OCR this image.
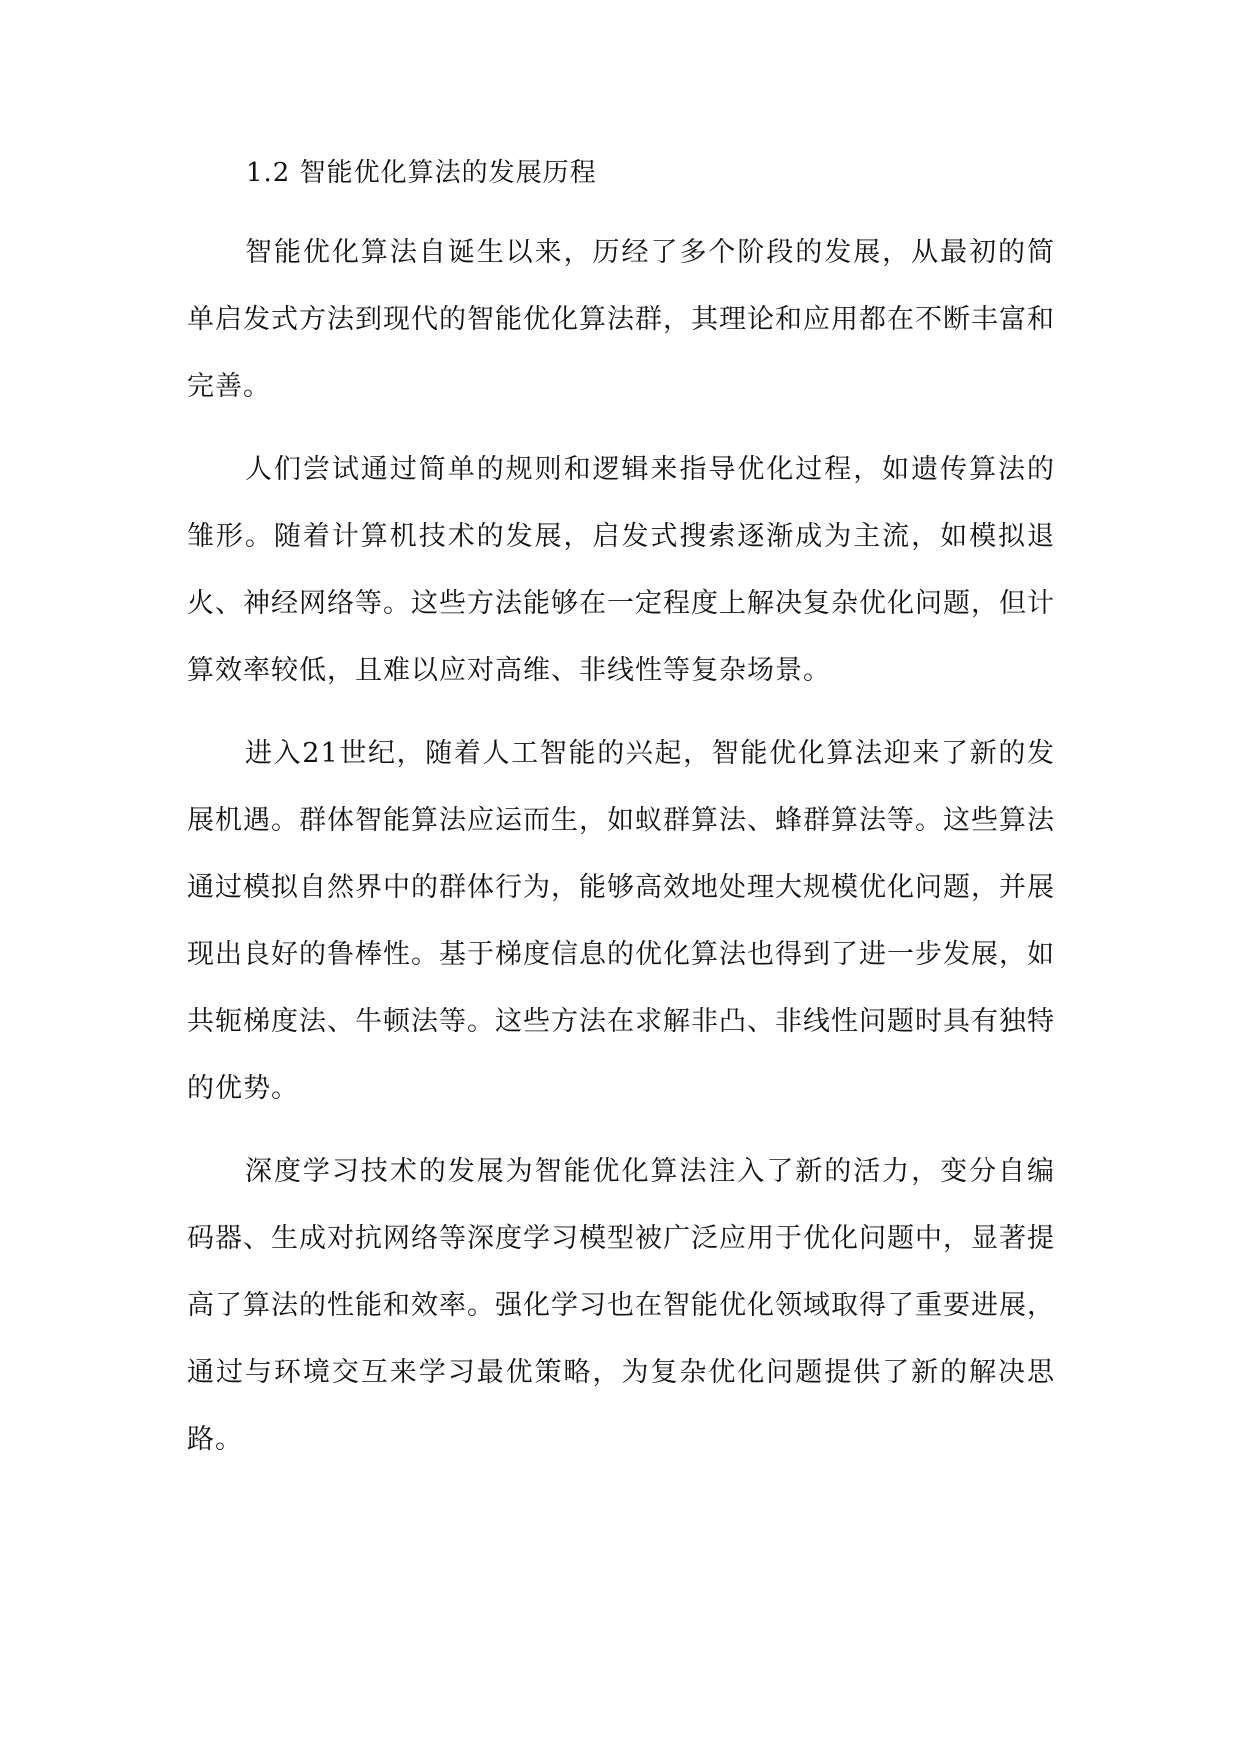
1.2 智能优化算法的发展历程

智能优化算法自诞生以来，历经了多个阶段的发展，从最初的简单启发式方法到现代的智能优化算法群，其理论和应用都在不断丰富和完善。

人们尝试通过简单的规则和逻辑来指导优化过程，如遗传算法的雏形。随着计算机技术的发展，启发式搜索逐渐成为主流，如模拟退火、神经网络等。这些方法能够在一定程度上解决复杂优化问题，但计算效率较低，且难以应对高维、非线性等复杂场景。

进入21世纪，随着人工智能的兴起，智能优化算法迎来了新的发展机遇。群体智能算法应运而生，如蚁群算法、蜂群算法等。这些算法通过模拟自然界中的群体行为，能够高效地处理大规模优化问题，并展现出良好的鲁棒性。基于梯度信息的优化算法也得到了进一步发展，如共轭梯度法、牛顿法等。这些方法在求解非凸、非线性问题时具有独特的优势。

深度学习技术的发展为智能优化算法注入了新的活力，变分自编码器、生成对抗网络等深度学习模型被广泛应用于优化问题中，显著提高了算法的性能和效率。强化学习也在智能优化领域取得了重要进展，通过与环境交互来学习最优策略，为复杂优化问题提供了新的解决思路。
